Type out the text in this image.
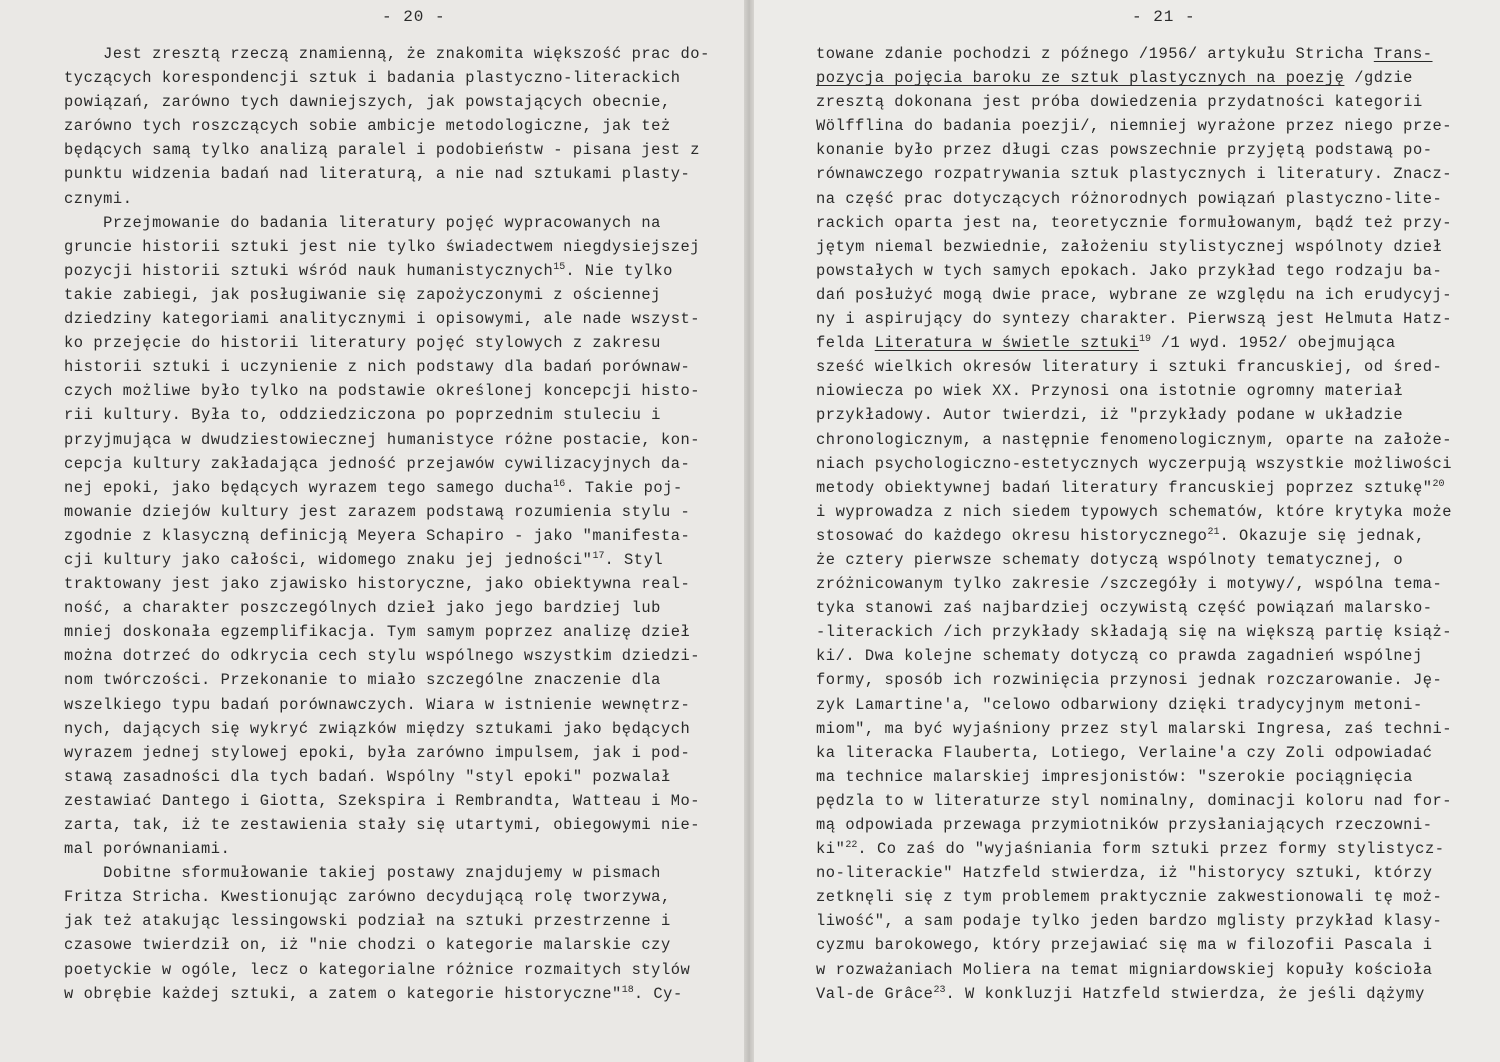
- 20 -
Jest zresztą rzeczą znamienną, że znakomita większość prac do-
tyczących korespondencji sztuk i badania plastyczno-literackich
powiązań, zarówno tych dawniejszych, jak powstających obecnie,
zarówno tych roszczących sobie ambicje metodologiczne, jak też
będących samą tylko analizą paralel i podobieństw - pisana jest z
punktu widzenia badań nad literaturą, a nie nad sztukami plasty-
cznymi.
Przejmowanie do badania literatury pojęć wypracowanych na
gruncie historii sztuki jest nie tylko świadectwem niegdysiejszej
pozycji historii sztuki wśród nauk humanistycznych$^{15}$. Nie tylko
takie zabiegi, jak posługiwanie się zapożyczonymi z ościennej
dziedziny kategoriami analitycznymi i opisowymi, ale nade wszyst-
ko przejęcie do historii literatury pojęć stylowych z zakresu
historii sztuki i uczynienie z nich podstawy dla badań porównaw-
czych możliwe było tylko na podstawie określonej koncepcji histo-
rii kultury. Była to, oddziedziczona po poprzednim stuleciu i
przyjmująca w dwudziestowiecznej humanistyce różne postacie, kon-
cepcja kultury zakładająca jedność przejawów cywilizacyjnych da-
nej epoki, jako będących wyrazem tego samego ducha$^{16}$. Takie poj-
mowanie dziejów kultury jest zarazem podstawą rozumienia stylu -
zgodnie z klasyczną definicją Meyera Schapiro - jako "manifesta-
cji kultury jako całości, widomego znaku jej jedności"$^{17}$. Styl
traktowany jest jako zjawisko historyczne, jako obiektywna real-
ność, a charakter poszczególnych dzieł jako jego bardziej lub
mniej doskonała egzemplifikacja. Tym samym poprzez analizę dzieł
można dotrzeć do odkrycia cech stylu wspólnego wszystkim dziedzi-
nom twórczości. Przekonanie to miało szczególne znaczenie dla
wszelkiego typu badań porównawczych. Wiara w istnienie wewnętrz-
nych, dających się wykryć związków między sztukami jako będących
wyrazem jednej stylowej epoki, była zarówno impulsem, jak i pod-
stawą zasadności dla tych badań. Wspólny "styl epoki" pozwalał
zestawiać Dantego i Giotta, Szekspira i Rembrandta, Watteau i Mo-
zarta, tak, iż te zestawienia stały się utartymi, obiegowymi nie-
mal porównaniami.
Dobitne sformułowanie takiej postawy znajdujemy w pismach
Fritza Stricha. Kwestionując zarówno decydującą rolę tworzywa,
jak też atakując lessingowski podział na sztuki przestrzenne i
czasowe twierdził on, iż "nie chodzi o kategorie malarskie czy
poetyckie w ogóle, lecz o kategorialne różnice rozmaitych stylów
w obrębie każdej sztuki, a zatem o kategorie historyczne"$^{18}$. Cy-
- 21 -
towane zdanie pochodzi z późnego /1956/ artykułu Stricha Trans-
pozycja pojęcia baroku ze sztuk plastycznych na poezję /gdzie
zresztą dokonana jest próba dowiedzenia przydatności kategorii
Wölfflina do badania poezji/, niemniej wyrażone przez niego prze-
konanie było przez długi czas powszechnie przyjętą podstawą po-
równawczego rozpatrywania sztuk plastycznych i literatury. Znacz-
na część prac dotyczących różnorodnych powiązań plastyczno-lite-
rackich oparta jest na, teoretycznie formułowanym, bądź też przy-
jętym niemal bezwiednie, założeniu stylistycznej wspólnoty dzieł
powstałych w tych samych epokach. Jako przykład tego rodzaju ba-
dań posłużyć mogą dwie prace, wybrane ze względu na ich erudycyj-
ny i aspirujący do syntezy charakter. Pierwszą jest Helmuta Hatz-
felda Literatura w świetle sztuki$^{19}$ /1 wyd. 1952/ obejmująca
sześć wielkich okresów literatury i sztuki francuskiej, od śred-
niowiecza po wiek XX. Przynosi ona istotnie ogromny materiał
przykładowy. Autor twierdzi, iż "przykłady podane w układzie
chronologicznym, a następnie fenomenologicznym, oparte na założe-
niach psychologiczno-estetycznych wyczerpują wszystkie możliwości
metody obiektywnej badań literatury francuskiej poprzez sztukę"$^{20}$
i wyprowadza z nich siedem typowych schematów, które krytyka może
stosować do każdego okresu historycznego$^{21}$. Okazuje się jednak,
że cztery pierwsze schematy dotyczą wspólnoty tematycznej, o
zróżnicowanym tylko zakresie /szczegóły i motywy/, wspólna tema-
tyka stanowi zaś najbardziej oczywistą część powiązań malarsko-
-literackich /ich przykłady składają się na większą partię książ-
ki/. Dwa kolejne schematy dotyczą co prawda zagadnień wspólnej
formy, sposób ich rozwinięcia przynosi jednak rozczarowanie. Ję-
zyk Lamartine'a, "celowo odbarwiony dzięki tradycyjnym metoni-
miom", ma być wyjaśniony przez styl malarski Ingresa, zaś techni-
ka literacka Flauberta, Lotiego, Verlaine'a czy Zoli odpowiadać
ma technice malarskiej impresjonistów: "szerokie pociągnięcia
pędzla to w literaturze styl nominalny, dominacji koloru nad for-
mą odpowiada przewaga przymiotników przysłaniających rzeczowni-
ki"$^{22}$. Co zaś do "wyjaśniania form sztuki przez formy stylistycz-
no-literackie" Hatzfeld stwierdza, iż "historycy sztuki, którzy
zetknęli się z tym problemem praktycznie zakwestionowali tę moż-
liwość", a sam podaje tylko jeden bardzo mglisty przykład klasy-
cyzmu barokowego, który przejawiać się ma w filozofii Pascala i
w rozważaniach Moliera na temat migniardowskiej kopuły kościoła
Val-de Grâce$^{23}$. W konkluzji Hatzfeld stwierdza, że jeśli dążymy
